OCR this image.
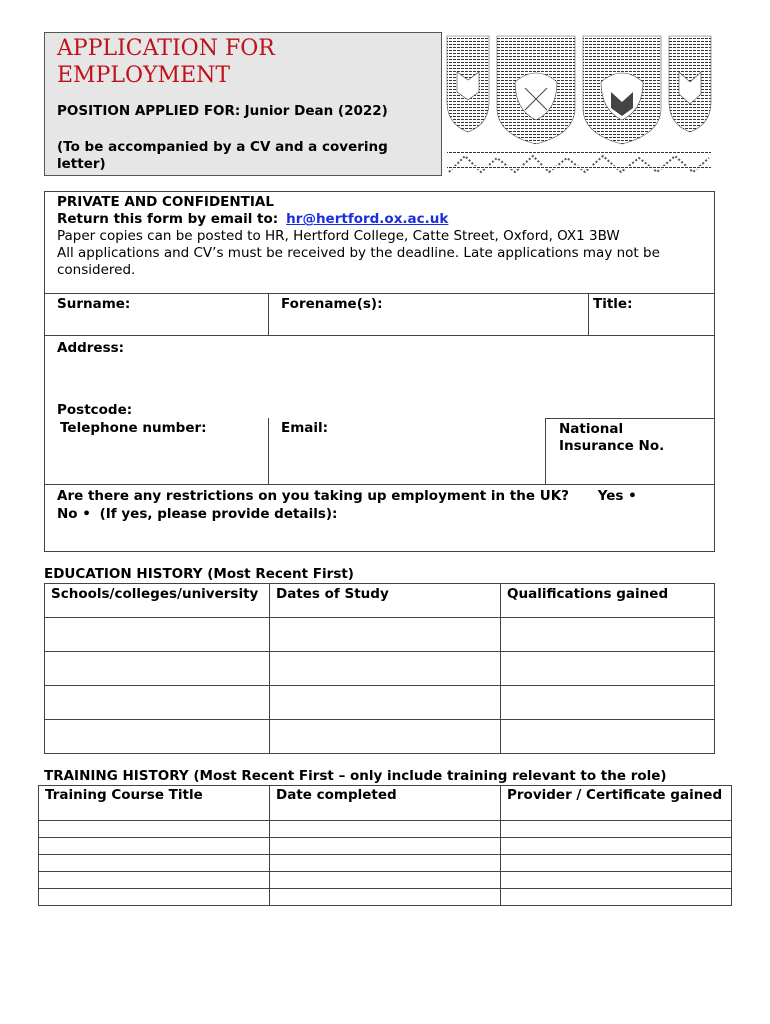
APPLICATION FOR EMPLOYMENT
POSITION APPLIED FOR: Junior Dean (2022)
(To be accompanied by a CV and a covering letter)
PRIVATE AND CONFIDENTIAL
Return this form by email to: hr@hertford.ox.ac.uk
Paper copies can be posted to HR, Hertford College, Catte Street, Oxford, OX1 3BW
All applications and CV’s must be received by the deadline. Late applications may not be considered.
Surname:	Forename(s):	Title:
Address:
Postcode:
Telephone number:	Email:	National Insurance No.
Are there any restrictions on you taking up employment in the UK? Yes •
No • (If yes, please provide details):
EDUCATION HISTORY (Most Recent First)
Schools/colleges/university	Dates of Study	Qualifications gained

TRAINING HISTORY (Most Recent First – only include training relevant to the role)
Training Course Title	Date completed	Provider / Certificate gained
